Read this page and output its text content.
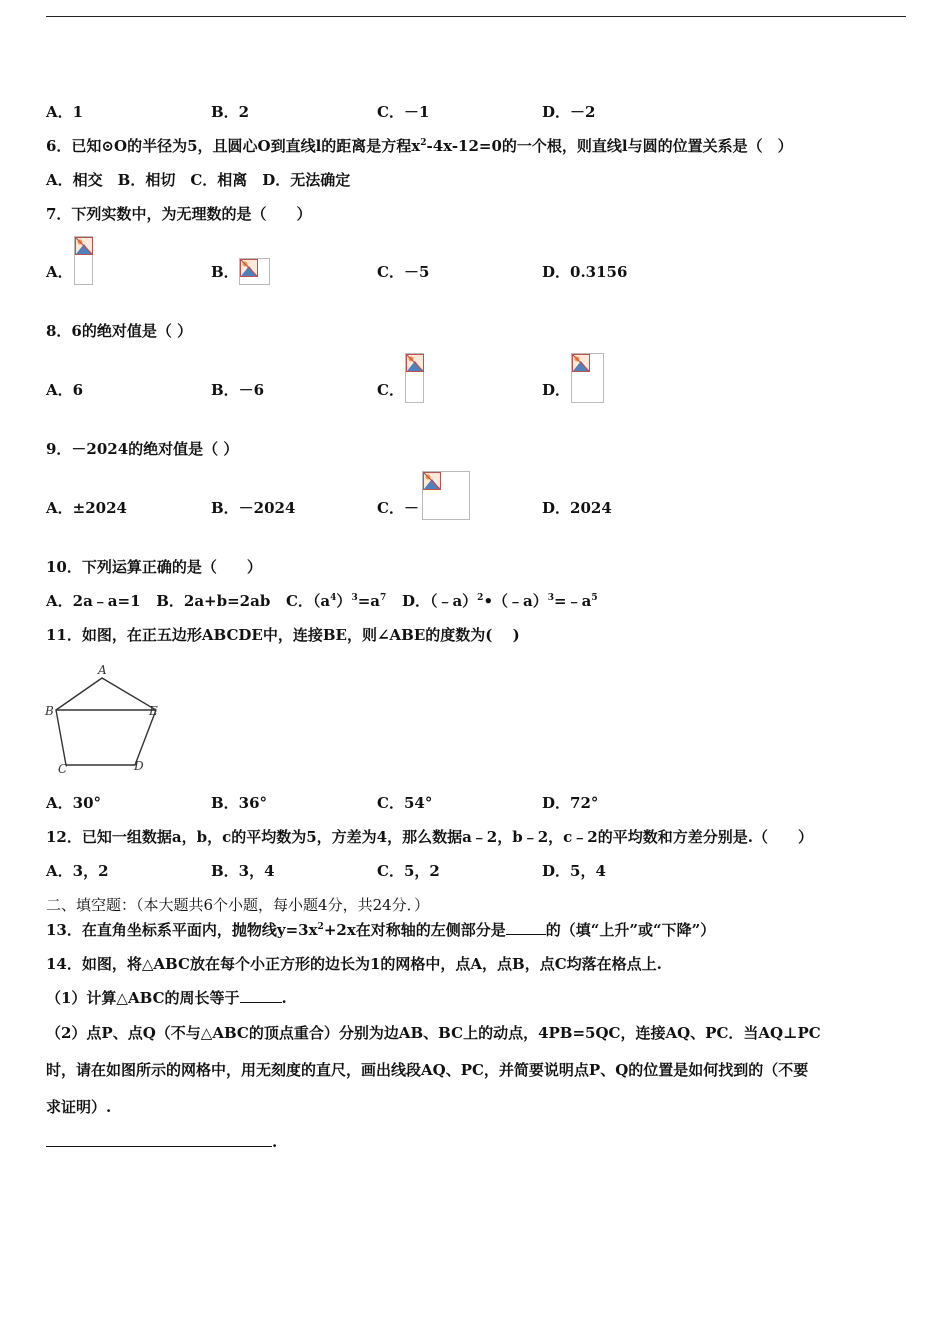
A．1	B．2	C．－1	D．－2
6．已知⊙O的半径为5，且圆心O到直线l的距离是方程$x^2-4x-12=0$的一个根，则直线l与圆的位置关系是（　）
A．相交　B．相切　C．相离　D．无法确定
7．下列实数中，为无理数的是（　　）
A．	B．	C．－5	D．0.3156
8．6的绝对值是（ ）
A．6	B．－6	C．	D．
9．－2024的绝对值是（ ）
A．±2024	B．－2024	C．－	D．2024
10．下列运算正确的是（　　）
A．2a﹣a=1 B．2a+b=2ab C．$(a^4)^3=a^7$ D．$(﹣a)^2•(﹣a)^3=﹣a^5$
11．如图，在正五边形ABCDE中，连接BE，则∠ABE的度数为(　 )
A
B	E
C	D
A．30°	B．36°	C．54°	D．72°
12．已知一组数据a，b，c的平均数为5，方差为4，那么数据a﹣2，b﹣2，c﹣2的平均数和方差分别是.（　　）
A．3，2	B．3，4	C．5，2	D．5，4
二、填空题：（本大题共6个小题，每小题4分，共24分．）
13．在直角坐标系平面内，抛物线$y=3x^2+2x$在对称轴的左侧部分是	的（填“上升”或“下降”）
14．如图，将△ABC放在每个小正方形的边长为1的网格中，点A，点B，点C均落在格点上.
（1）计算△ABC的周长等于	.
（2）点P、点Q（不与△ABC的顶点重合）分别为边AB、BC上的动点，4PB=5QC，连接AQ、PC．当AQ⊥PC
时，请在如图所示的网格中，用无刻度的直尺，画出线段AQ、PC，并简要说明点P、Q的位置是如何找到的（不要
求证明）.
.
